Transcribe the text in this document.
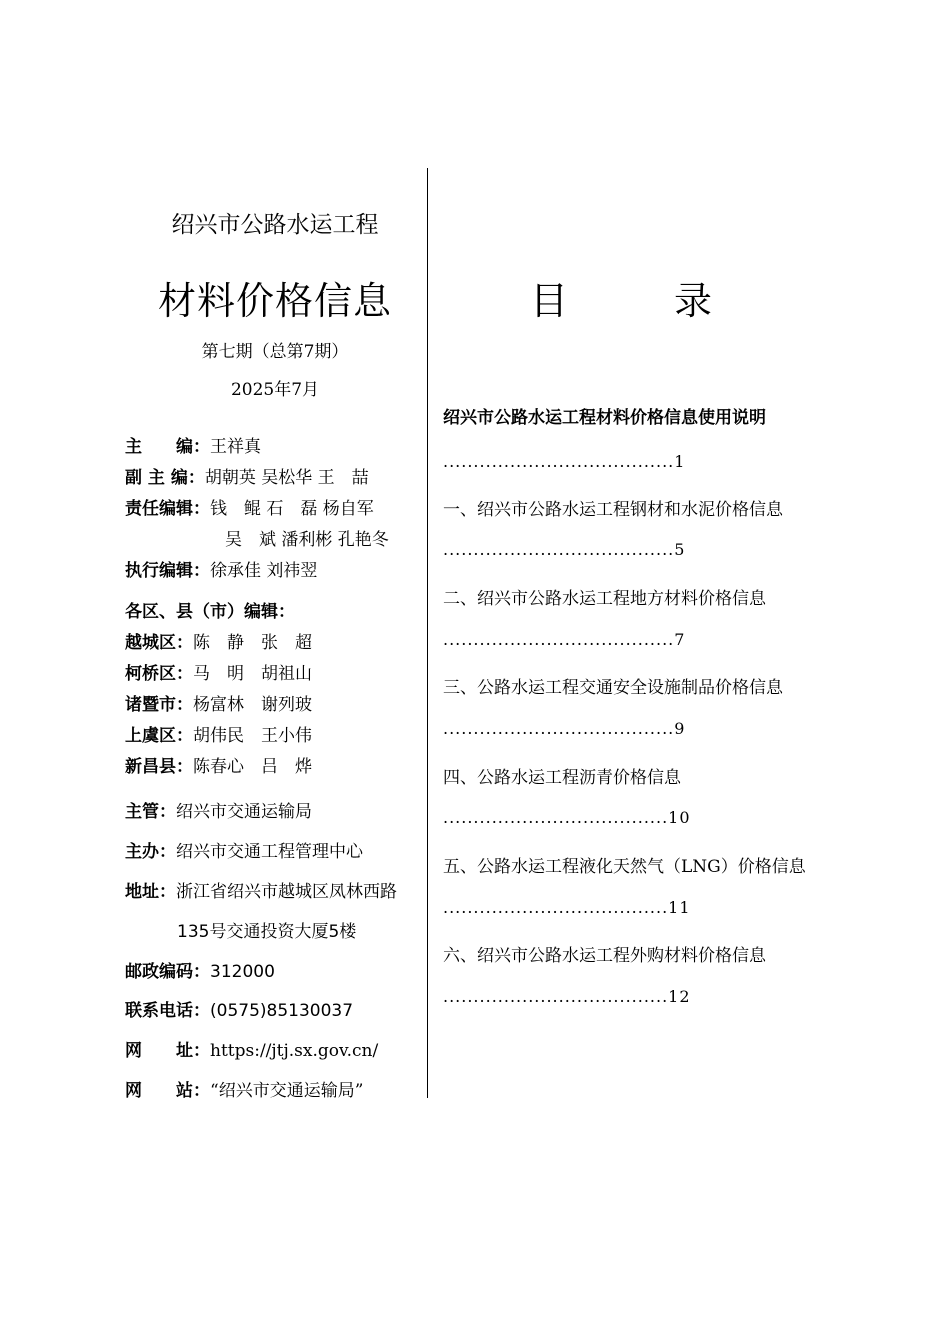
绍兴市公路水运工程
材料价格信息
第七期（总第7期）
2025年7月
主　　编：王祥真
副 主 编：胡朝英 吴松华 王　喆
责任编辑：钱　鲲 石　磊 杨自军
吴　斌 潘利彬 孔艳冬
执行编辑：徐承佳 刘祎翌
各区、县（市）编辑：
越城区：陈　静　张　超
柯桥区：马　明　胡祖山
诸暨市：杨富林　谢列玻
上虞区：胡伟民　王小伟
新昌县：陈春心　吕　烨
主管：绍兴市交通运输局
主办：绍兴市交通工程管理中心
地址：浙江省绍兴市越城区凤林西路
135号交通投资大厦5楼
邮政编码：312000
联系电话：(0575)85130037
网　　址：https://jtj.sx.gov.cn/
网　　站：“绍兴市交通运输局”
目　录
绍兴市公路水运工程材料价格信息使用说明
......................................1
一、绍兴市公路水运工程钢材和水泥价格信息
......................................5
二、绍兴市公路水运工程地方材料价格信息
......................................7
三、公路水运工程交通安全设施制品价格信息
......................................9
四、公路水运工程沥青价格信息
.....................................10
五、公路水运工程液化天然气（LNG）价格信息
.....................................11
六、绍兴市公路水运工程外购材料价格信息
.....................................12
